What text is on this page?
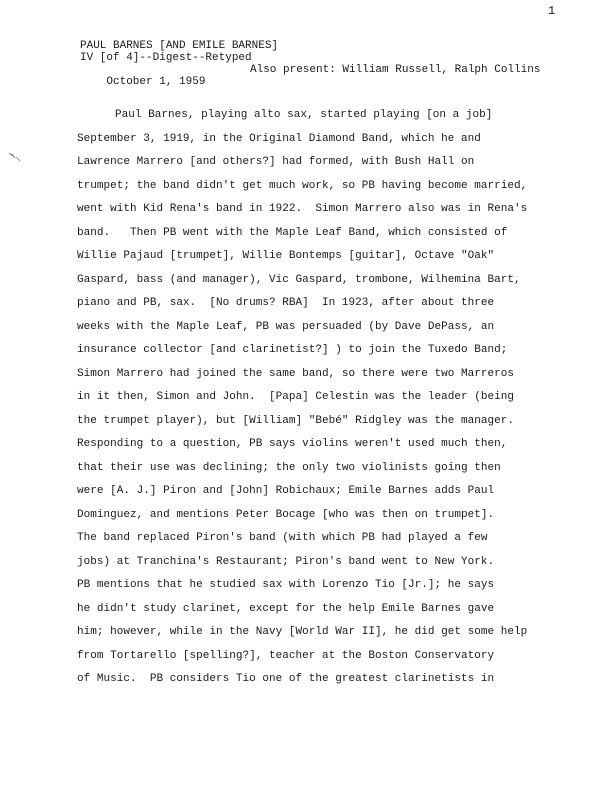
1
PAUL BARNES [AND EMILE BARNES]
IV [of 4]--Digest--Retyped

October 1, 1959

Also present: William Russell, Ralph Collins

Paul Barnes, playing alto sax, started playing [on a job]
September 3, 1919, in the Original Diamond Band, which he and
Lawrence Marrero [and others?] had formed, with Bush Hall on
trumpet; the band didn't get much work, so PB having become married,
went with Kid Rena's band in 1922.  Simon Marrero also was in Rena's
band.   Then PB went with the Maple Leaf Band, which consisted of
Willie Pajaud [trumpet], Willie Bontemps [guitar], Octave "Oak"
Gaspard, bass (and manager), Vic Gaspard, trombone, Wilhemina Bart,
piano and PB, sax.  [No drums? RBA]  In 1923, after about three
weeks with the Maple Leaf, PB was persuaded (by Dave DePass, an
insurance collector [and clarinetist?] ) to join the Tuxedo Band;
Simon Marrero had joined the same band, so there were two Marreros
in it then, Simon and John.  [Papa] Celestin was the leader (being
the trumpet player), but [William] "Bebé" Ridgley was the manager.
Responding to a question, PB says violins weren't used much then,
that their use was declining; the only two violinists going then
were [A. J.] Piron and [John] Robichaux; Emile Barnes adds Paul
Dominguez, and mentions Peter Bocage [who was then on trumpet].
The band replaced Piron's band (with which PB had played a few
jobs) at Tranchina's Restaurant; Piron's band went to New York.
PB mentions that he studied sax with Lorenzo Tio [Jr.]; he says
he didn't study clarinet, except for the help Emile Barnes gave
him; however, while in the Navy [World War II], he did get some help
from Tortarello [spelling?], teacher at the Boston Conservatory
of Music.  PB considers Tio one of the greatest clarinetists in
